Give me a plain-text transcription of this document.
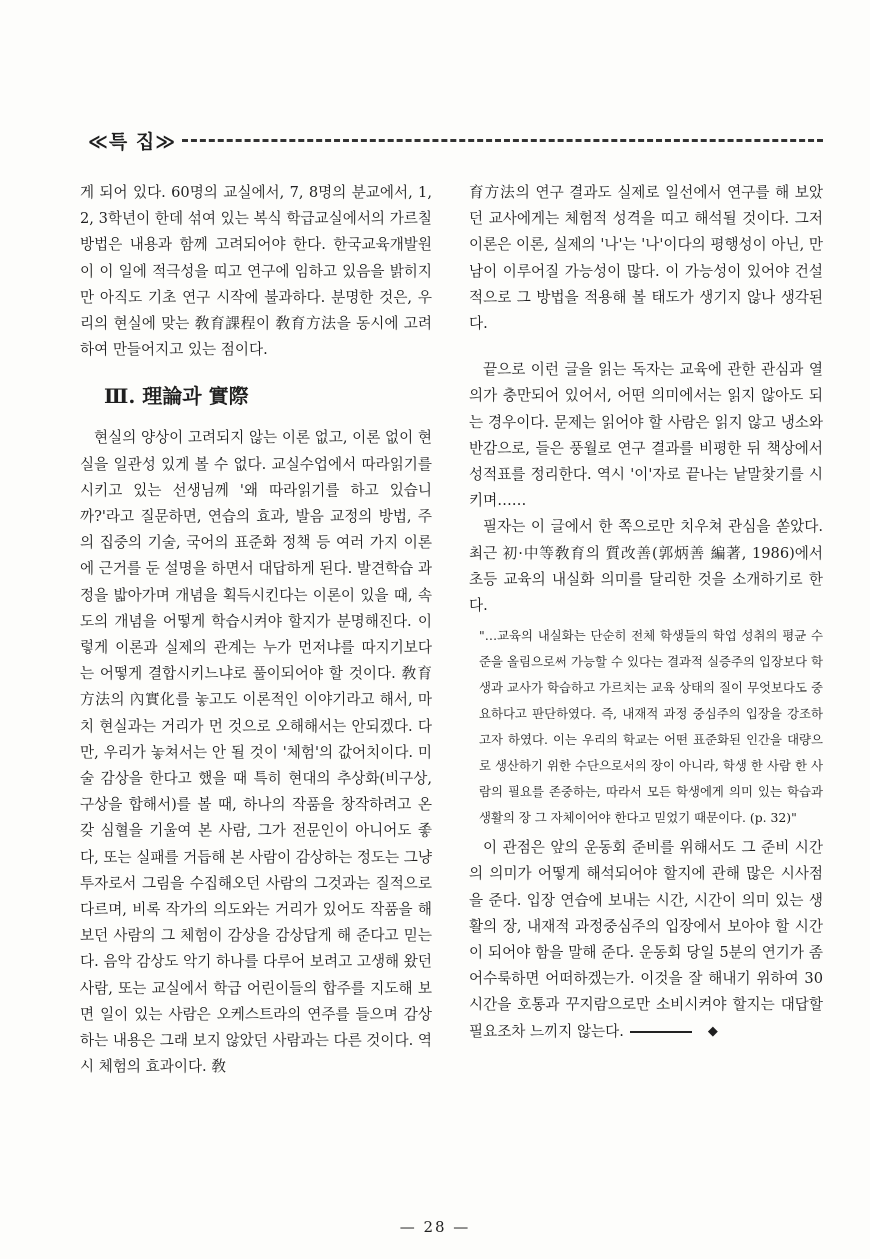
≪특 집≫

게 되어 있다. 60명의 교실에서, 7, 8명의 분교에서, 1, 2, 3학년이 한데 섞여 있는 복식 학급교실에서의 가르칠 방법은 내용과 함께 고려되어야 한다. 한국교육개발원이 이 일에 적극성을 띠고 연구에 임하고 있음을 밝히지만 아직도 기초 연구 시작에 불과하다. 분명한 것은, 우리의 현실에 맞는 敎育課程이 敎育方法을 동시에 고려하여 만들어지고 있는 점이다.

Ⅲ. 理論과 實際

현실의 양상이 고려되지 않는 이론 없고, 이론 없이 현실을 일관성 있게 볼 수 없다. 교실수업에서 따라읽기를 시키고 있는 선생님께 '왜 따라읽기를 하고 있습니까?'라고 질문하면, 연습의 효과, 발음 교정의 방법, 주의 집중의 기술, 국어의 표준화 정책 등 여러 가지 이론에 근거를 둔 설명을 하면서 대답하게 된다. 발견학습 과정을 밟아가며 개념을 획득시킨다는 이론이 있을 때, 속도의 개념을 어떻게 학습시켜야 할지가 분명해진다. 이렇게 이론과 실제의 관계는 누가 먼저냐를 따지기보다는 어떻게 결합시키느냐로 풀이되어야 할 것이다. 敎育方法의 內實化를 놓고도 이론적인 이야기라고 해서, 마치 현실과는 거리가 먼 것으로 오해해서는 안되겠다. 다만, 우리가 놓쳐서는 안 될 것이 '체험'의 값어치이다. 미술 감상을 한다고 했을 때 특히 현대의 추상화(비구상, 구상을 합해서)를 볼 때, 하나의 작품을 창작하려고 온갖 심혈을 기울여 본 사람, 그가 전문인이 아니어도 좋다, 또는 실패를 거듭해 본 사람이 감상하는 정도는 그냥 투자로서 그림을 수집해오던 사람의 그것과는 질적으로 다르며, 비록 작가의 의도와는 거리가 있어도 작품을 해보던 사람의 그 체험이 감상을 감상답게 해 준다고 믿는다. 음악 감상도 악기 하나를 다루어 보려고 고생해 왔던 사람, 또는 교실에서 학급 어린이들의 합주를 지도해 보면 일이 있는 사람은 오케스트라의 연주를 들으며 감상하는 내용은 그래 보지 않았던 사람과는 다른 것이다. 역시 체험의 효과이다. 敎

育方法의 연구 결과도 실제로 일선에서 연구를 해 보았던 교사에게는 체험적 성격을 띠고 해석될 것이다. 그저 이론은 이론, 실제의 '나'는 '나'이다의 평행성이 아닌, 만남이 이루어질 가능성이 많다. 이 가능성이 있어야 건설적으로 그 방법을 적용해 볼 태도가 생기지 않나 생각된다.

끝으로 이런 글을 읽는 독자는 교육에 관한 관심과 열의가 충만되어 있어서, 어떤 의미에서는 읽지 않아도 되는 경우이다. 문제는 읽어야 할 사람은 읽지 않고 냉소와 반감으로, 들은 풍월로 연구 결과를 비평한 뒤 책상에서 성적표를 정리한다. 역시 '이'자로 끝나는 낱말찾기를 시키며……

필자는 이 글에서 한 쪽으로만 치우쳐 관심을 쏟았다. 최근 初·中等敎育의 質改善(郭炳善 編著, 1986)에서 초등 교육의 내실화 의미를 달리한 것을 소개하기로 한다.

"…교육의 내실화는 단순히 전체 학생들의 학업 성취의 평균 수준을 올림으로써 가능할 수 있다는 결과적 실증주의 입장보다 학생과 교사가 학습하고 가르치는 교육 상태의 질이 무엇보다도 중요하다고 판단하였다. 즉, 내재적 과정 중심주의 입장을 강조하고자 하였다. 이는 우리의 학교는 어떤 표준화된 인간을 대량으로 생산하기 위한 수단으로서의 장이 아니라, 학생 한 사람 한 사람의 필요를 존중하는, 따라서 모든 학생에게 의미 있는 학습과 생활의 장 그 자체이어야 한다고 믿었기 때문이다. (p. 32)"

이 관점은 앞의 운동회 준비를 위해서도 그 준비 시간의 의미가 어떻게 해석되어야 할지에 관해 많은 시사점을 준다. 입장 연습에 보내는 시간, 시간이 의미 있는 생활의 장, 내재적 과정중심주의 입장에서 보아야 할 시간이 되어야 함을 말해 준다. 운동회 당일 5분의 연기가 좀 어수룩하면 어떠하겠는가. 이것을 잘 해내기 위하여 30시간을 호통과 꾸지람으로만 소비시켜야 할지는 대답할 필요조차 느끼지 않는다.	◆

— 28 —
